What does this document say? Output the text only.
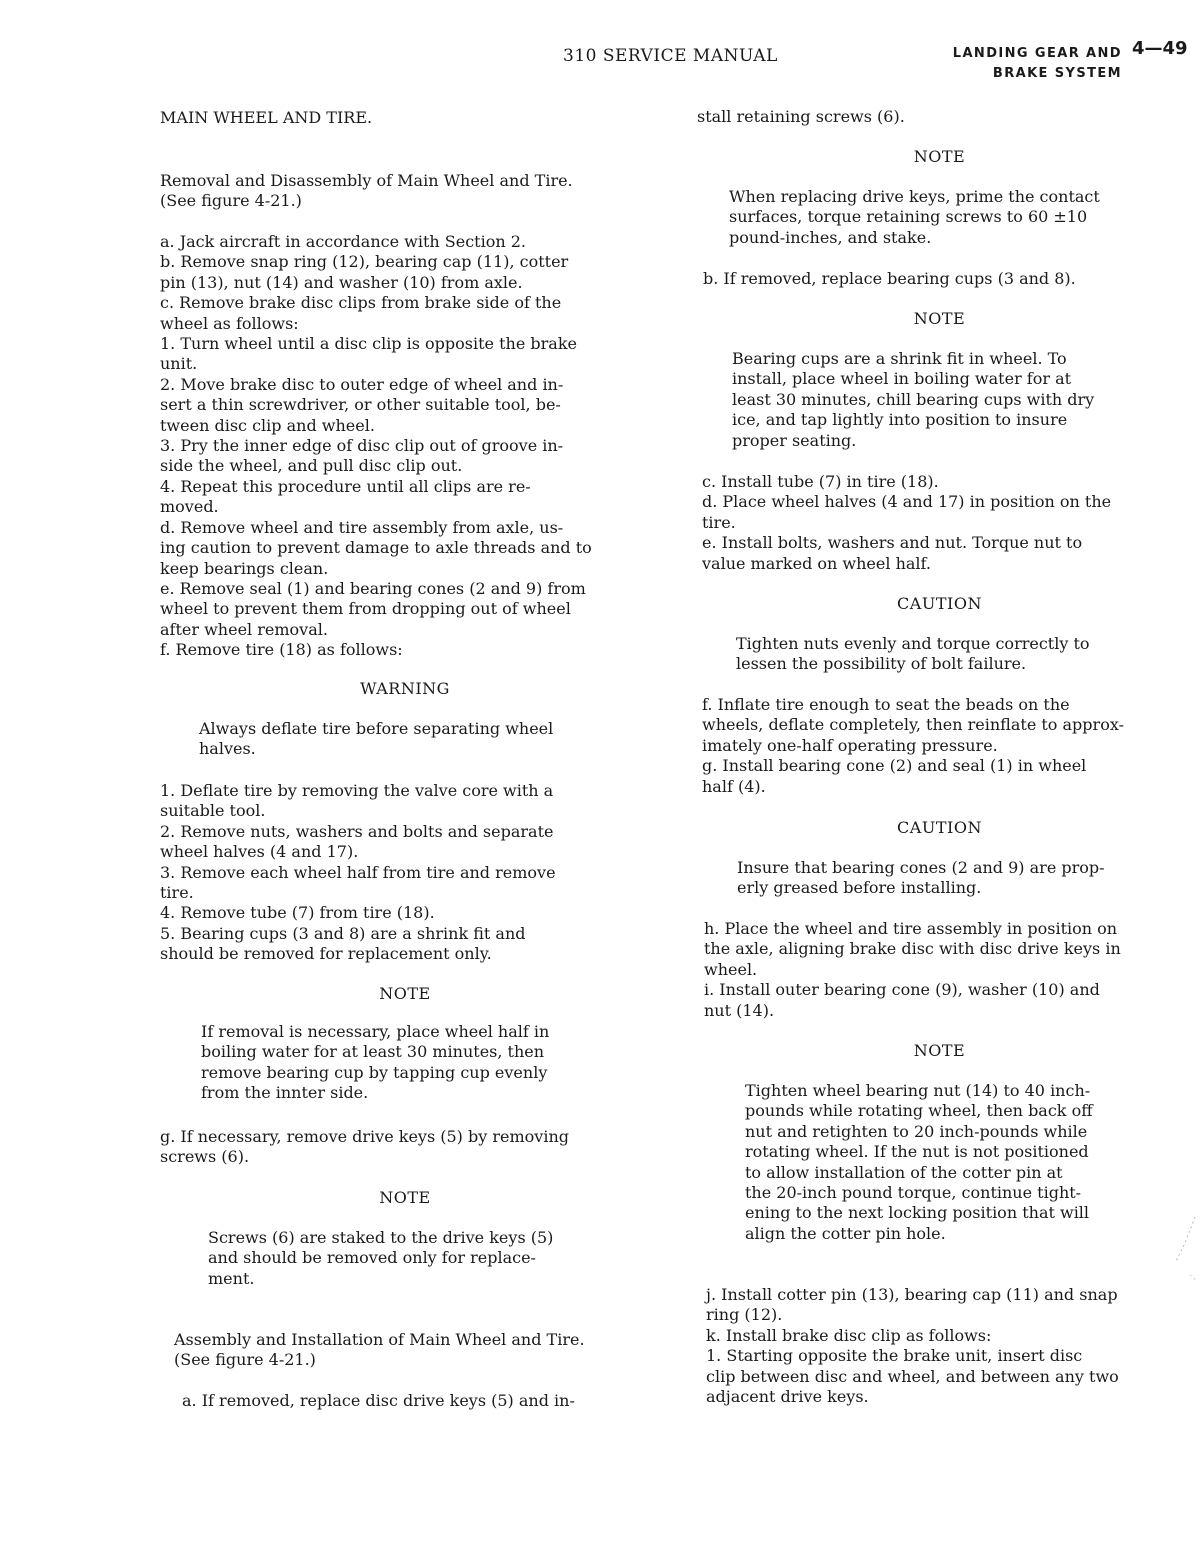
310 SERVICE MANUAL	LANDING GEAR AND
BRAKE SYSTEM
4—49
MAIN WHEEL AND TIRE.
Removal and Disassembly of Main Wheel and Tire.
(See figure 4-21.)
a. Jack aircraft in accordance with Section 2.
b. Remove snap ring (12), bearing cap (11), cotter
pin (13), nut (14) and washer (10) from axle.
c. Remove brake disc clips from brake side of the
wheel as follows:
1. Turn wheel until a disc clip is opposite the brake
unit.
2. Move brake disc to outer edge of wheel and in-
sert a thin screwdriver, or other suitable tool, be-
tween disc clip and wheel.
3. Pry the inner edge of disc clip out of groove in-
side the wheel, and pull disc clip out.
4. Repeat this procedure until all clips are re-
moved.
d. Remove wheel and tire assembly from axle, us-
ing caution to prevent damage to axle threads and to
keep bearings clean.
e. Remove seal (1) and bearing cones (2 and 9) from
wheel to prevent them from dropping out of wheel
after wheel removal.
f. Remove tire (18) as follows:
WARNING
Always deflate tire before separating wheel
halves.
1. Deflate tire by removing the valve core with a
suitable tool.
2. Remove nuts, washers and bolts and separate
wheel halves (4 and 17).
3. Remove each wheel half from tire and remove
tire.
4. Remove tube (7) from tire (18).
5. Bearing cups (3 and 8) are a shrink fit and
should be removed for replacement only.
NOTE
If removal is necessary, place wheel half in
boiling water for at least 30 minutes, then
remove bearing cup by tapping cup evenly
from the innter side.
g. If necessary, remove drive keys (5) by removing
screws (6).
NOTE
Screws (6) are staked to the drive keys (5)
and should be removed only for replace-
ment.
Assembly and Installation of Main Wheel and Tire.
(See figure 4-21.)
a. If removed, replace disc drive keys (5) and in-
stall retaining screws (6).
NOTE
When replacing drive keys, prime the contact
surfaces, torque retaining screws to 60 ±10
pound-inches, and stake.
b. If removed, replace bearing cups (3 and 8).
NOTE
Bearing cups are a shrink fit in wheel. To
install, place wheel in boiling water for at
least 30 minutes, chill bearing cups with dry
ice, and tap lightly into position to insure
proper seating.
c. Install tube (7) in tire (18).
d. Place wheel halves (4 and 17) in position on the
tire.
e. Install bolts, washers and nut. Torque nut to
value marked on wheel half.
CAUTION
Tighten nuts evenly and torque correctly to
lessen the possibility of bolt failure.
f. Inflate tire enough to seat the beads on the
wheels, deflate completely, then reinflate to approx-
imately one-half operating pressure.
g. Install bearing cone (2) and seal (1) in wheel
half (4).
CAUTION
Insure that bearing cones (2 and 9) are prop-
erly greased before installing.
h. Place the wheel and tire assembly in position on
the axle, aligning brake disc with disc drive keys in
wheel.
i. Install outer bearing cone (9), washer (10) and
nut (14).
NOTE
Tighten wheel bearing nut (14) to 40 inch-
pounds while rotating wheel, then back off
nut and retighten to 20 inch-pounds while
rotating wheel. If the nut is not positioned
to allow installation of the cotter pin at
the 20-inch pound torque, continue tight-
ening to the next locking position that will
align the cotter pin hole.
j. Install cotter pin (13), bearing cap (11) and snap
ring (12).
k. Install brake disc clip as follows:
1. Starting opposite the brake unit, insert disc
clip between disc and wheel, and between any two
adjacent drive keys.
